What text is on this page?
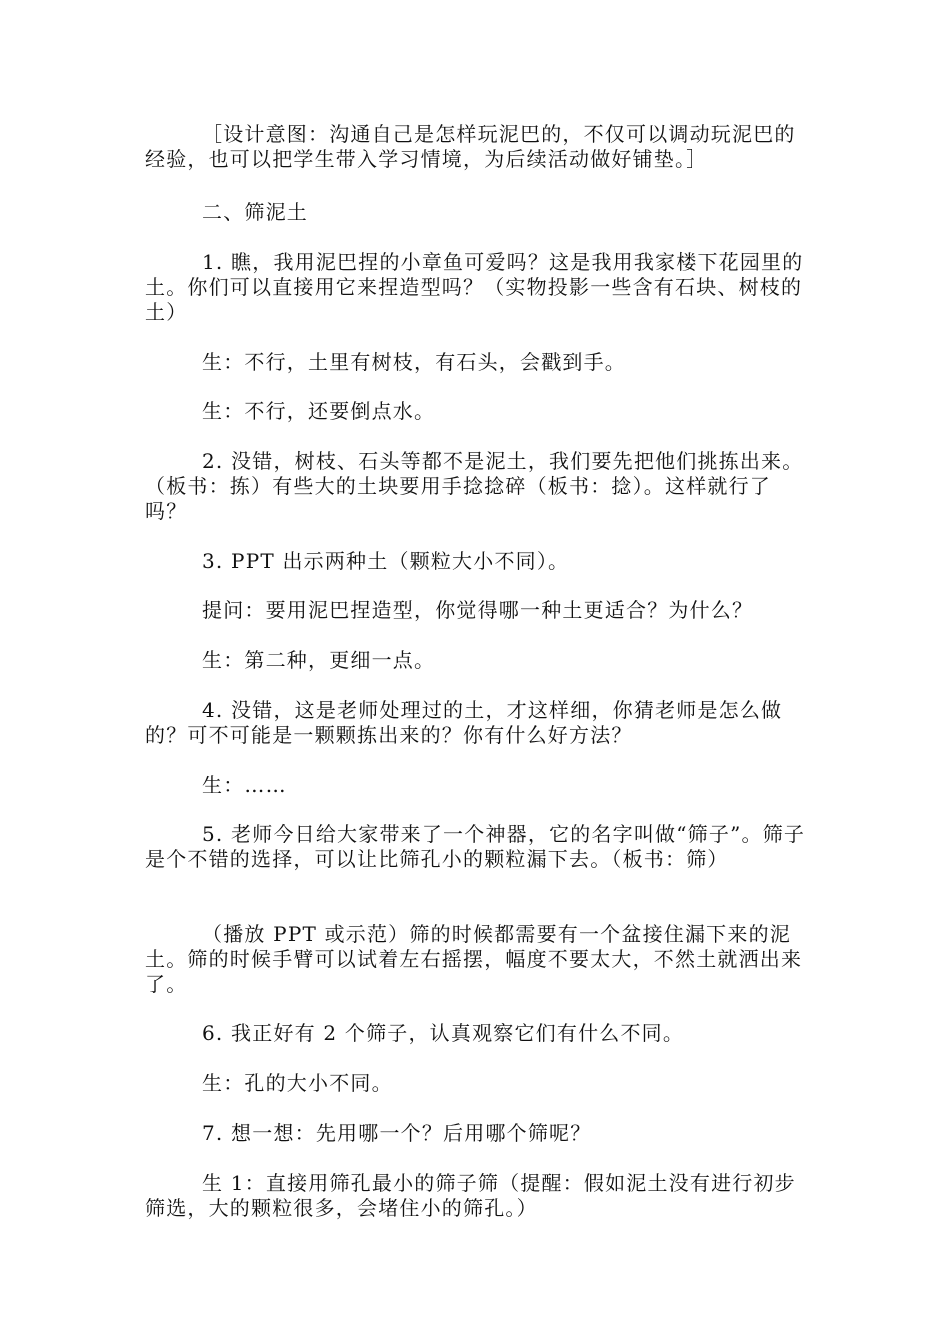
［设计意图：沟通自己是怎样玩泥巴的，不仅可以调动玩泥巴的经验，也可以把学生带入学习情境，为后续活动做好铺垫。］

二、筛泥土

1. 瞧，我用泥巴捏的小章鱼可爱吗？这是我用我家楼下花园里的土。你们可以直接用它来捏造型吗？（实物投影一些含有石块、树枝的土）

生：不行，土里有树枝，有石头，会戳到手。

生：不行，还要倒点水。

2. 没错，树枝、石头等都不是泥土，我们要先把他们挑拣出来。（板书：拣）有些大的土块要用手捻捻碎（板书：捻）。这样就行了吗？

3. PPT 出示两种土（颗粒大小不同）。

提问：要用泥巴捏造型，你觉得哪一种土更适合？为什么？

生：第二种，更细一点。

4. 没错，这是老师处理过的土，才这样细，你猜老师是怎么做的？可不可能是一颗颗拣出来的？你有什么好方法？

生：……

5. 老师今日给大家带来了一个神器，它的名字叫做“筛子”。筛子是个不错的选择，可以让比筛孔小的颗粒漏下去。（板书：筛）

（播放 PPT 或示范）筛的时候都需要有一个盆接住漏下来的泥土。筛的时候手臂可以试着左右摇摆，幅度不要太大，不然土就洒出来了。

6. 我正好有 2 个筛子，认真观察它们有什么不同。

生：孔的大小不同。

7. 想一想：先用哪一个？后用哪个筛呢？

生 1：直接用筛孔最小的筛子筛（提醒：假如泥土没有进行初步筛选，大的颗粒很多，会堵住小的筛孔。）
